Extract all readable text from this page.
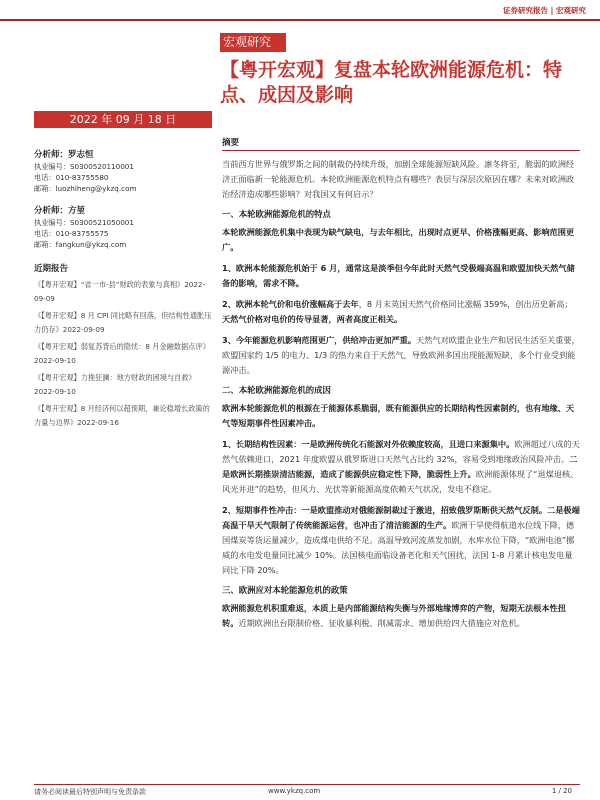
证券研究报告 | 宏观研究
宏观研究
【粤开宏观】复盘本轮欧洲能源危机：特点、成因及影响
2022 年 09 月 18 日
分析师：罗志恒
执业编号：S0300520110001
电话：010-83755580
邮箱：luozhiheng@ykzq.com
分析师：方堃
执业编号：S0300521050001
电话：010-83755575
邮箱：fangkun@ykzq.com
近期报告
《【粤开宏观】“省一市-县”财政的表象与真相》2022-09-09
《【粤开宏观】8 月 CPI 同比略有回落，但结构性通胀压力仍存》2022-09-09
《【粤开宏观】弱复苏背后的隐忧：8 月金融数据点评》2022-09-10
《【粤开宏观】力挽狂澜：地方财政的困境与自救》2022-09-10
《【粤开宏观】8 月经济何以超预期，兼论稳增长政策的力量与边界》2022-09-16
摘要

当前西方世界与俄罗斯之间的制裁仍持续升级，加剧全球能源短缺风险。凛冬将至，脆弱的欧洲经济正面临新一轮能源危机。本轮欧洲能源危机特点有哪些？表层与深层次原因在哪？未来对欧洲政治经济造成哪些影响？对我国又有何启示？

一、本轮欧洲能源危机的特点

本轮欧洲能源危机集中表现为缺气缺电，与去年相比，出现时点更早、价格涨幅更高、影响范围更广。

1、欧洲本轮能源危机始于 6 月，通常这是淡季但今年此时天然气受极端高温和欧盟加快天然气储备的影响，需求不降。

2、欧洲本轮气价和电价涨幅高于去年，8 月末英国天然气价格同比涨幅 359%，创出历史新高；天然气价格对电价的传导显著，两者高度正相关。

3、今年能源危机影响范围更广，供给冲击更加严重。天然气对欧盟企业生产和居民生活至关重要，欧盟国家约 1/5 的电力、1/3 的热力来自于天然气，导致欧洲多国出现能源短缺，多个行业受到能源冲击。

二、本轮欧洲能源危机的成因

欧洲本轮能源危机的根源在于能源体系脆弱，既有能源供应的长期结构性因素制约，也有地缘、天气等短期事件性因素冲击。

1、长期结构性因素：一是欧洲传统化石能源对外依赖度较高，且进口来源集中。欧洲超过八成的天然气依赖进口，2021 年度欧盟从俄罗斯进口天然气占比约 32%，容易受到地缘政治风险冲击。二是欧洲长期推崇清洁能源，造成了能源供应稳定性下降，脆弱性上升。欧洲能源体现了“退煤退核、风光并进”的趋势，但风力、光伏等新能源高度依赖天气状况，发电不稳定。

2、短期事件性冲击：一是欧盟推动对俄能源制裁过于激进，招致俄罗斯断供天然气反制。二是极端高温干旱天气限制了传统能源运营，也冲击了清洁能源的生产。欧洲干旱使得航道水位线下降，德国煤炭等货运量减少，造成煤电供给不足。高温导致河流蒸发加剧，水库水位下降，“欧洲电池”挪威的水电发电量同比减少 10%。法国核电面临设备老化和天气困扰，法国 1-8 月累计核电发电量同比下降 20%。

三、欧洲应对本轮能源危机的政策

欧洲能源危机积重难返，本质上是内部能源结构失衡与外部地缘博弈的产物，短期无法根本性扭转。近期欧洲出台限制价格、征收暴利税、削减需求、增加供给四大措施应对危机。

请务必阅读最后特别声明与免责条款	www.ykzq.com	1 / 20
